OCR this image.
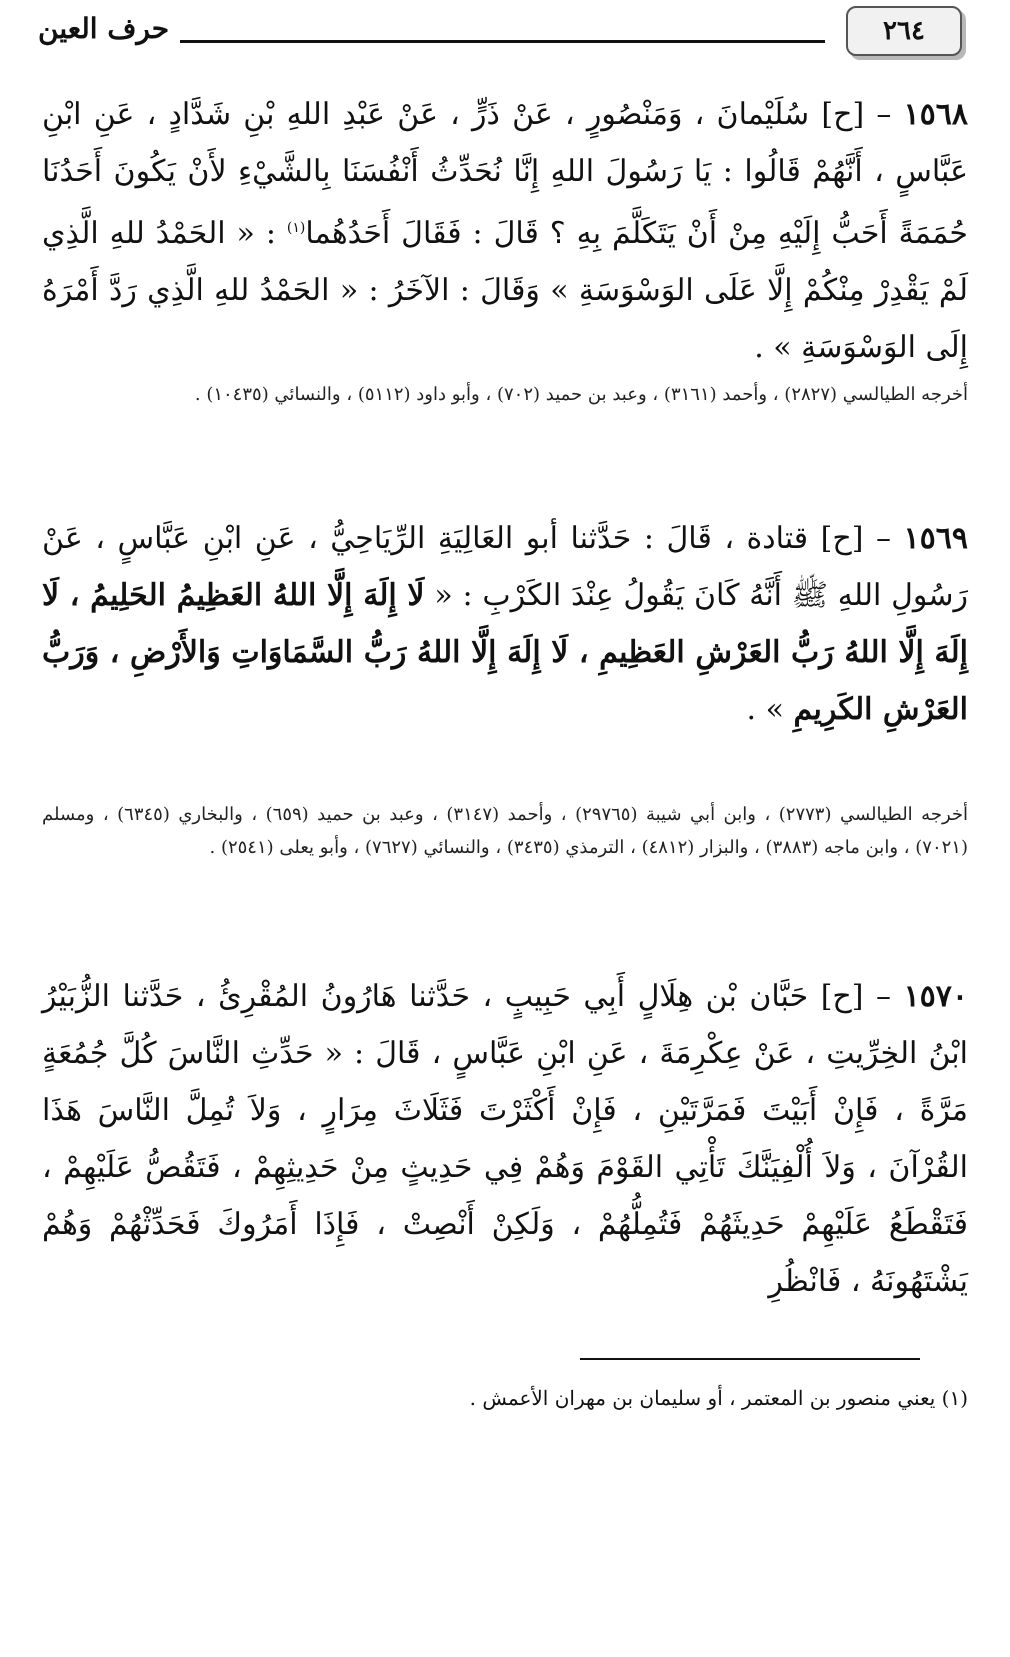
٢٦٤
حرف العين
١٥٦٨ – [ح] سُلَيْمانَ ، وَمَنْصُورٍ ، عَنْ ذَرٍّ ، عَنْ عَبْدِ اللهِ بْنِ شَدَّادٍ ، عَنِ ابْنِ عَبَّاسٍ ، أَنَّهُمْ قَالُوا : يَا رَسُولَ اللهِ إِنَّا نُحَدِّثُ أَنْفُسَنَا بِالشَّيْءِ لأَنْ يَكُونَ أَحَدُنَا حُمَمَةً أَحَبُّ إِلَيْهِ مِنْ أَنْ يَتَكَلَّمَ بِهِ ؟ قَالَ : فَقَالَ أَحَدُهُما$^{(١)}$ : « الحَمْدُ للهِ الَّذِي لَمْ يَقْدِرْ مِنْكُمْ إِلَّا عَلَى الوَسْوَسَةِ » وَقَالَ : الآخَرُ : « الحَمْدُ للهِ الَّذِي رَدَّ أَمْرَهُ إِلَى الوَسْوَسَةِ » .
أخرجه الطيالسي (٢٨٢٧) ، وأحمد (٣١٦١) ، وعبد بن حميد (٧٠٢) ، وأبو داود (٥١١٢) ، والنسائي (١٠٤٣٥) .
١٥٦٩ – [ح] قتادة ، قَالَ : حَدَّثنا أبو العَالِيَةِ الرِّيَاحِيُّ ، عَنِ ابْنِ عَبَّاسٍ ، عَنْ رَسُولِ اللهِ ﷺ أَنَّهُ كَانَ يَقُولُ عِنْدَ الكَرْبِ : « لَا إِلَهَ إِلَّا اللهُ العَظِيمُ الحَلِيمُ ، لَا إِلَهَ إِلَّا اللهُ رَبُّ العَرْشِ العَظِيمِ ، لَا إِلَهَ إِلَّا اللهُ رَبُّ السَّمَاوَاتِ وَالأَرْضِ ، وَرَبُّ العَرْشِ الكَرِيمِ » .
أخرجه الطيالسي (٢٧٧٣) ، وابن أبي شيبة (٢٩٧٦٥) ، وأحمد (٣١٤٧) ، وعبد بن حميد (٦٥٩) ، والبخاري (٦٣٤٥) ، ومسلم (٧٠٢١) ، وابن ماجه (٣٨٨٣) ، والبزار (٤٨١٢) ، الترمذي (٣٤٣٥) ، والنسائي (٧٦٢٧) ، وأبو يعلى (٢٥٤١) .
١٥٧٠ – [ح] حَبَّان بْن هِلَالٍ أَبِي حَبِيبٍ ، حَدَّثنا هَارُونُ المُقْرِئُ ، حَدَّثنا الزُّبَيْرُ ابْنُ الخِرِّيتِ ، عَنْ عِكْرِمَةَ ، عَنِ ابْنِ عَبَّاسٍ ، قَالَ : « حَدِّثِ النَّاسَ كُلَّ جُمُعَةٍ مَرَّةً ، فَإِنْ أَبَيْتَ فَمَرَّتَيْنِ ، فَإِنْ أَكْثَرْتَ فَثَلَاثَ مِرَارٍ ، وَلاَ تُمِلَّ النَّاسَ هَذَا القُرْآنَ ، وَلاَ أُلْفِيَنَّكَ تَأْتِي القَوْمَ وَهُمْ فِي حَدِيثٍ مِنْ حَدِيثِهِمْ ، فَتَقُصُّ عَلَيْهِمْ ، فَتَقْطَعُ عَلَيْهِمْ حَدِيثَهُمْ فَتُمِلُّهُمْ ، وَلَكِنْ أَنْصِتْ ، فَإِذَا أَمَرُوكَ فَحَدِّثْهُمْ وَهُمْ يَشْتَهُونَهُ ، فَانْظُرِ
(١) يعني منصور بن المعتمر ، أو سليمان بن مهران الأعمش .
